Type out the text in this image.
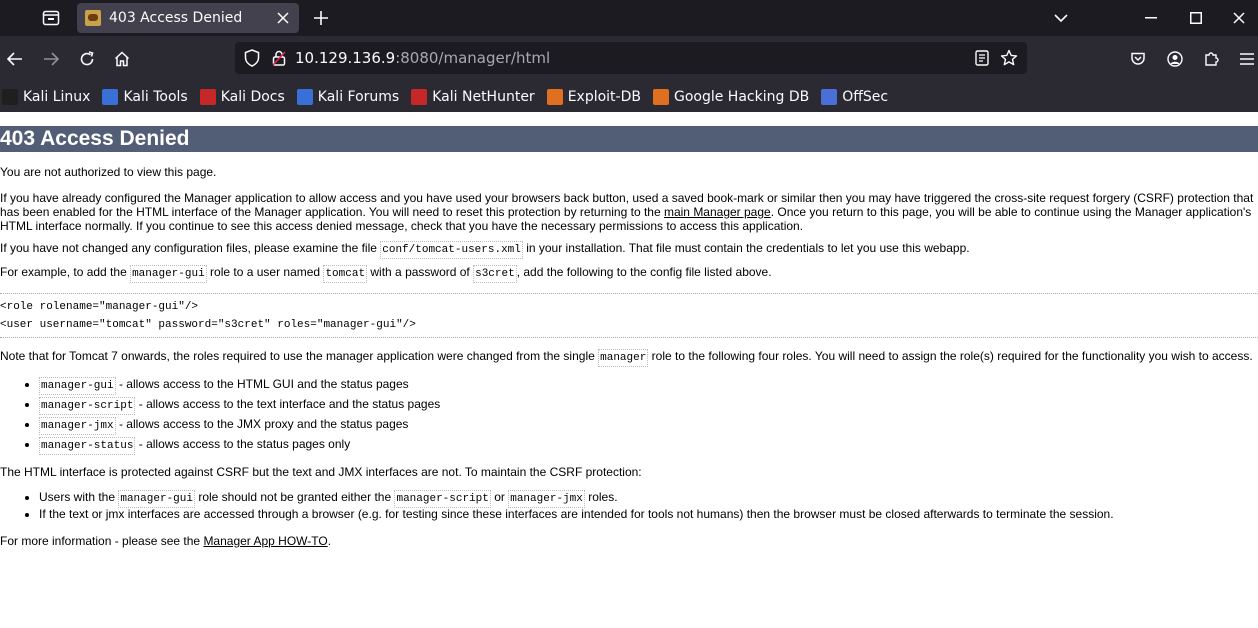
403 Access Denied
10.129.136.9:8080/manager/html
Kali Linux Kali Tools Kali Docs Kali Forums Kali NetHunter Exploit-DB Google Hacking DB OffSec
403 Access Denied

You are not authorized to view this page.

If you have already configured the Manager application to allow access and you have used your browsers back button, used a saved book-mark or similar then you may have triggered the cross-site request forgery (CSRF) protection that has been enabled for the HTML interface of the Manager application. You will need to reset this protection by returning to the main Manager page. Once you return to this page, you will be able to continue using the Manager application's HTML interface normally. If you continue to see this access denied message, check that you have the necessary permissions to access this application.

If you have not changed any configuration files, please examine the file conf/tomcat-users.xml in your installation. That file must contain the credentials to let you use this webapp.

For example, to add the manager-gui role to a user named tomcat with a password of s3cret , add the following to the config file listed above.

<role rolename="manager-gui"/>
<user username="tomcat" password="s3cret" roles="manager-gui"/>

Note that for Tomcat 7 onwards, the roles required to use the manager application were changed from the single manager role to the following four roles. You will need to assign the role(s) required for the functionality you wish to access.

• manager-gui - allows access to the HTML GUI and the status pages
• manager-script - allows access to the text interface and the status pages
• manager-jmx - allows access to the JMX proxy and the status pages
• manager-status - allows access to the status pages only

The HTML interface is protected against CSRF but the text and JMX interfaces are not. To maintain the CSRF protection:

• Users with the manager-gui role should not be granted either the manager-script or manager-jmx roles.
• If the text or jmx interfaces are accessed through a browser (e.g. for testing since these interfaces are intended for tools not humans) then the browser must be closed afterwards to terminate the session.

For more information - please see the Manager App HOW-TO.
